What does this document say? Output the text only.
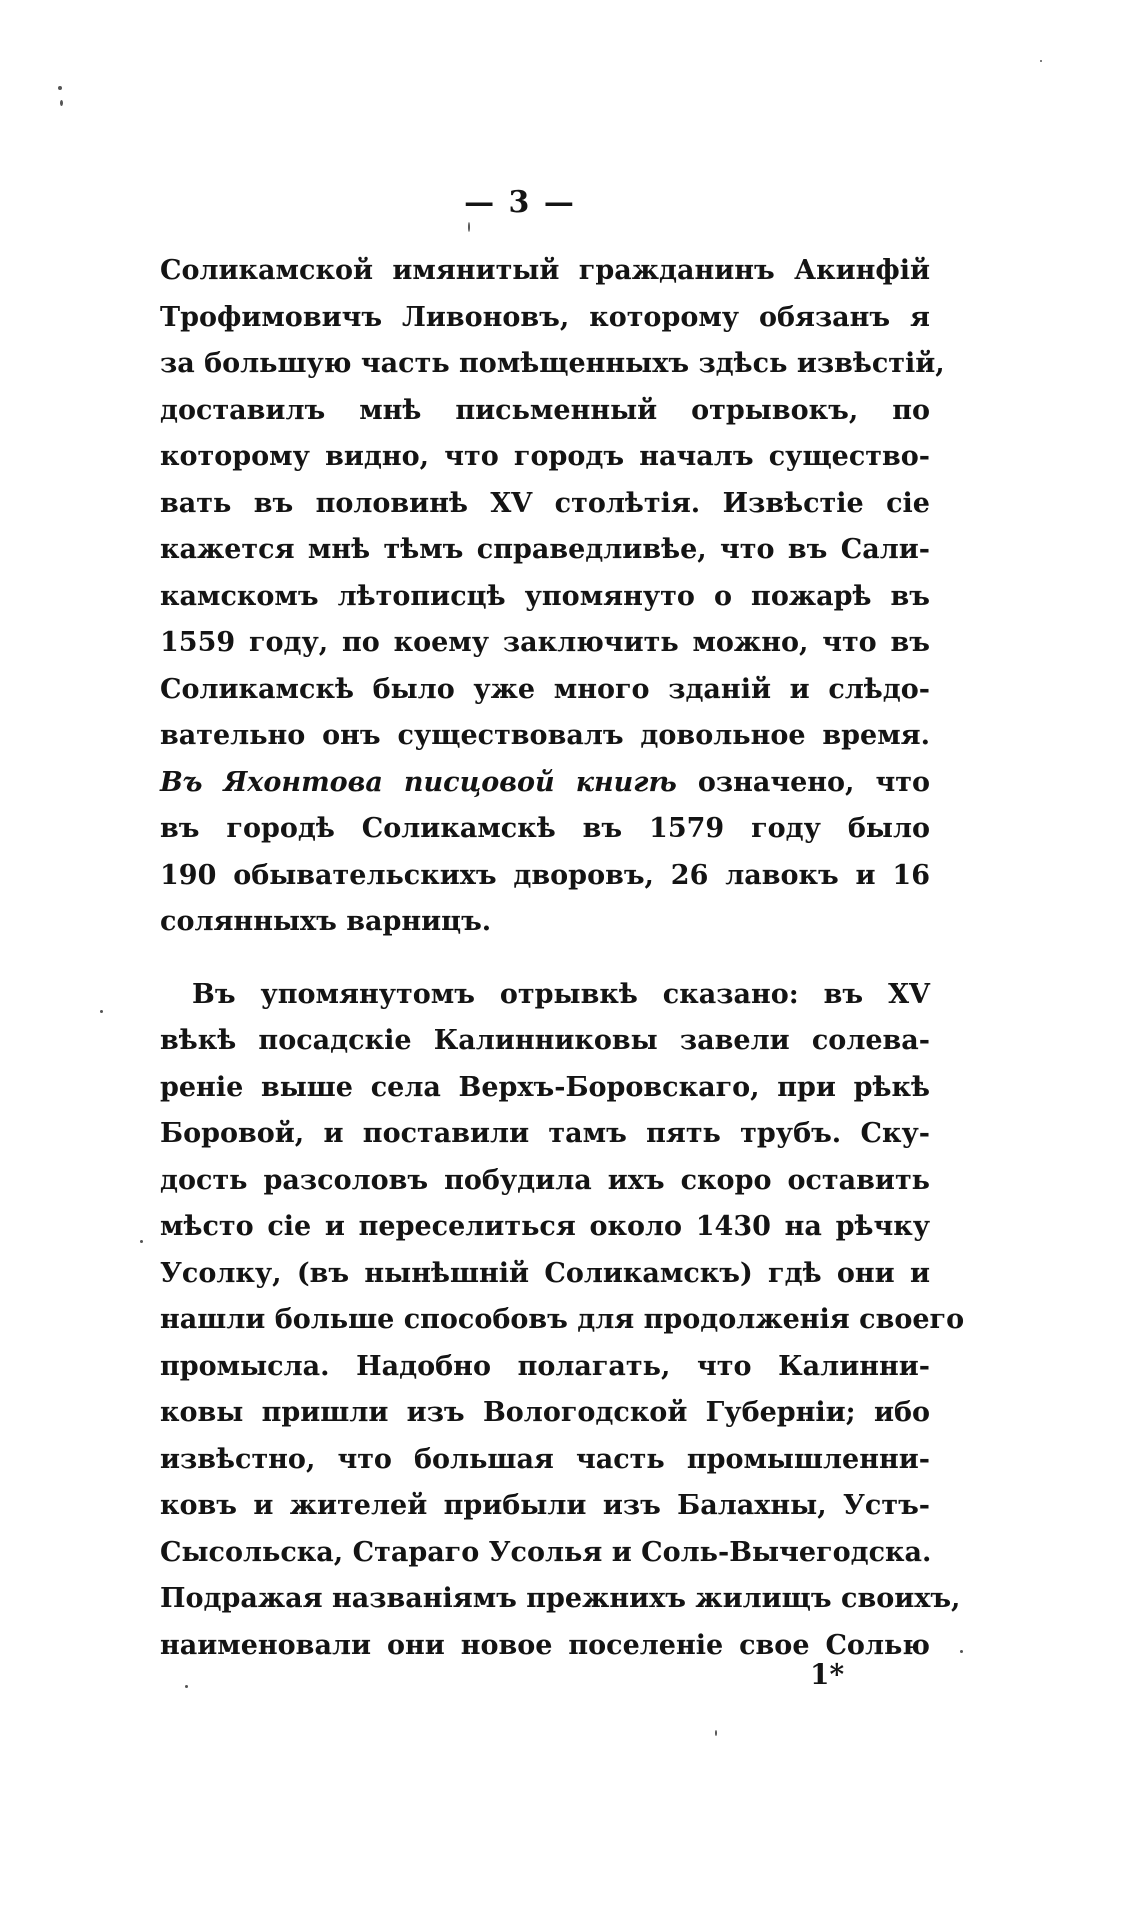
— 3 —
Соликамской имянитый гражданинъ Акинфій
Трофимовичъ Ливоновъ, которому обязанъ я
за большую часть помѣщенныхъ здѣсь извѣстій,
доставилъ мнѣ письменный отрывокъ, по
которому видно, что городъ началъ существо-
вать въ половинѣ XV столѣтія. Извѣстіе сіе
кажется мнѣ тѣмъ справедливѣе, что въ Сали-
камскомъ лѣтописцѣ упомянуто о пожарѣ въ
1559 году, по коему заключить можно, что въ
Соликамскѣ было уже много зданій и слѣдо-
вательно онъ существовалъ довольное время.
Въ Яхонтова писцовой книгѣ означено, что
въ городѣ Соликамскѣ въ 1579 году было
190 обывательскихъ дворовъ, 26 лавокъ и 16
солянныхъ варницъ.
Въ упомянутомъ отрывкѣ сказано: въ XV
вѣкѣ посадскіе Калинниковы завели солева-
реніе выше села Верхъ-Боровскаго, при рѣкѣ
Боровой, и поставили тамъ пять трубъ. Ску-
дость разсоловъ побудила ихъ скоро оставить
мѣсто сіе и переселиться около 1430 на рѣчку
Усолку, (въ нынѣшній Соликамскъ) гдѣ они и
нашли больше способовъ для продолженія своего
промысла. Надобно полагать, что Калинни-
ковы пришли изъ Вологодской Губерніи; ибо
извѣстно, что большая часть промышленни-
ковъ и жителей прибыли изъ Балахны, Устъ-
Сысольска, Стараго Усолья и Соль-Вычегодска.
Подражая названіямъ прежнихъ жилищъ своихъ,
наименовали они новое поселеніе свое Солью
1*
